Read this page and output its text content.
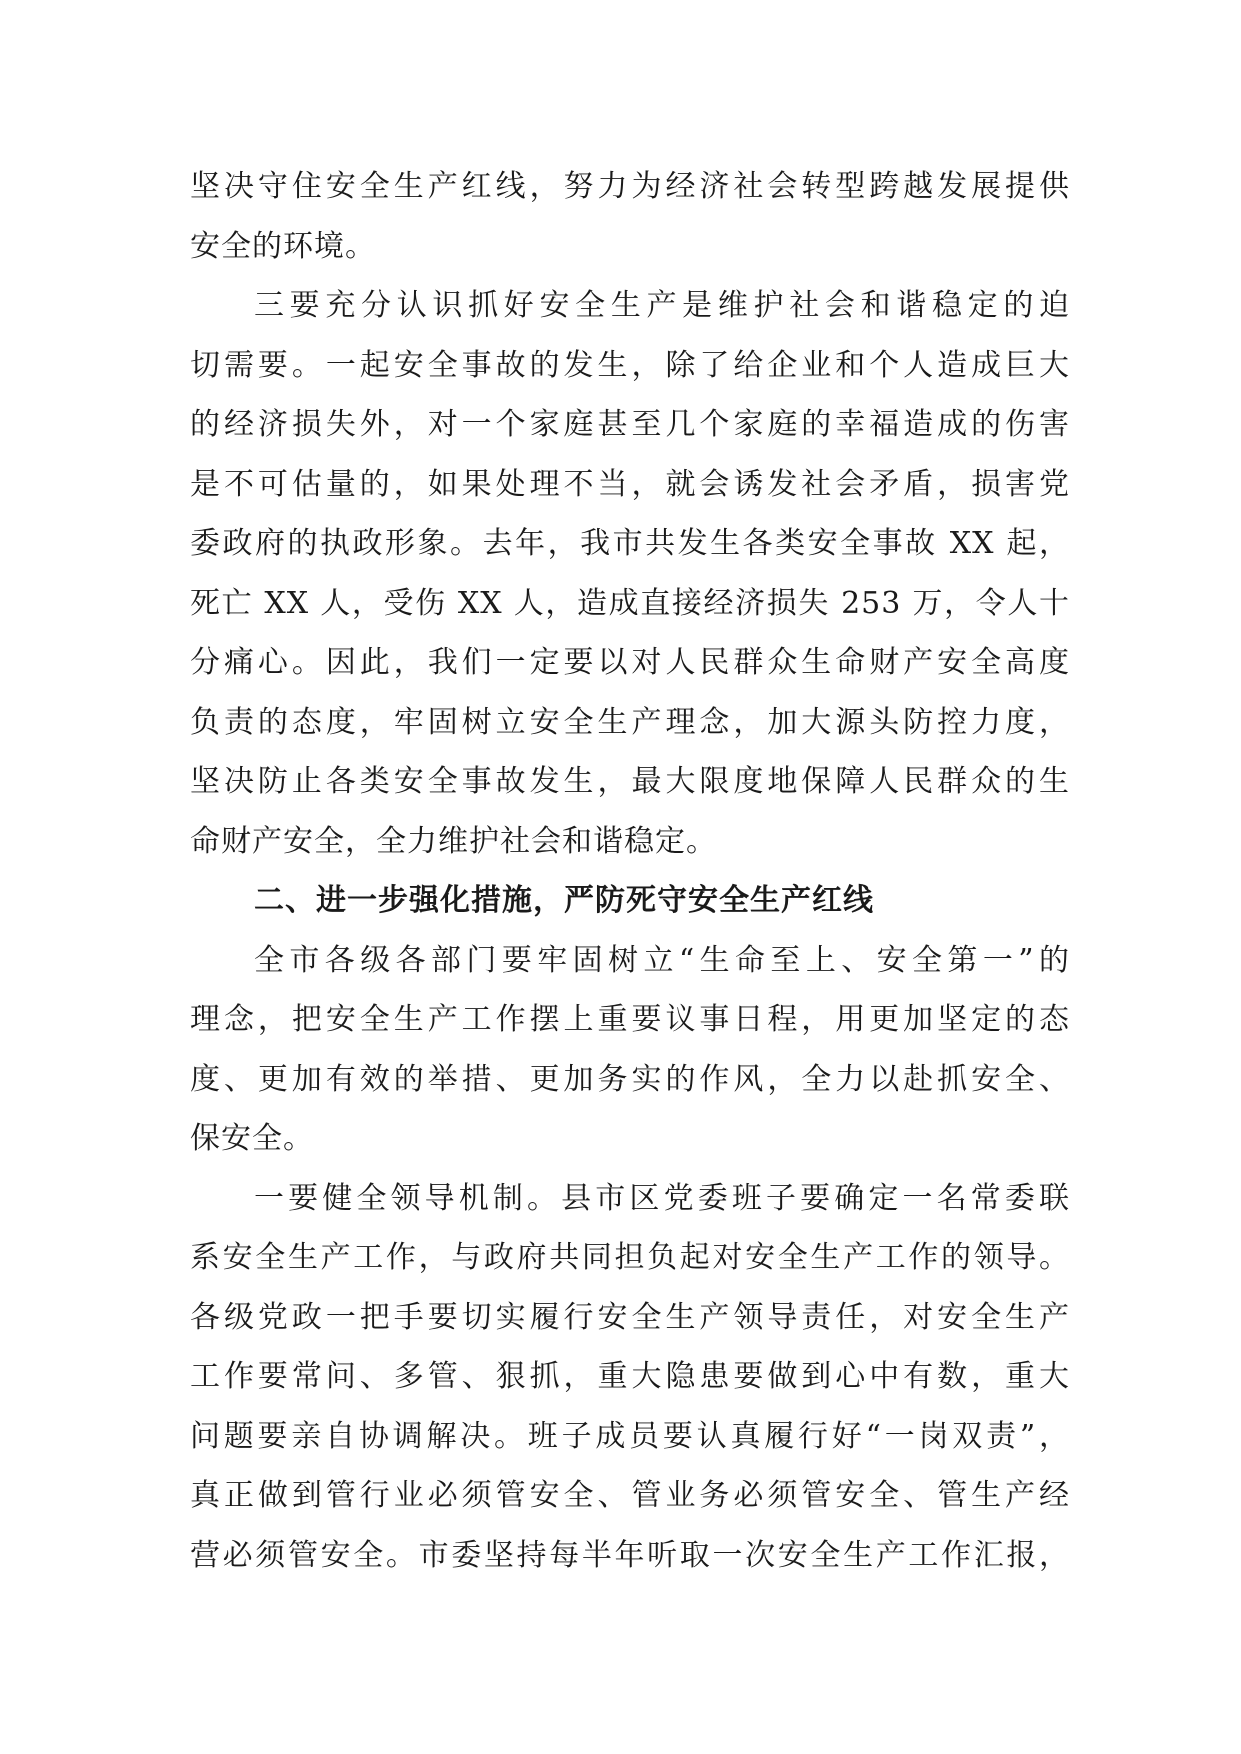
坚决守住安全生产红线，努力为经济社会转型跨越发展提供
安全的环境。
三要充分认识抓好安全生产是维护社会和谐稳定的迫
切需要。一起安全事故的发生，除了给企业和个人造成巨大
的经济损失外，对一个家庭甚至几个家庭的幸福造成的伤害
是不可估量的，如果处理不当，就会诱发社会矛盾，损害党
委政府的执政形象。去年，我市共发生各类安全事故 XX 起，
死亡 XX 人，受伤 XX 人，造成直接经济损失 253 万，令人十
分痛心。因此，我们一定要以对人民群众生命财产安全高度
负责的态度，牢固树立安全生产理念，加大源头防控力度，
坚决防止各类安全事故发生，最大限度地保障人民群众的生
命财产安全，全力维护社会和谐稳定。
二、进一步强化措施，严防死守安全生产红线
全市各级各部门要牢固树立“生命至上、安全第一”的
理念，把安全生产工作摆上重要议事日程，用更加坚定的态
度、更加有效的举措、更加务实的作风，全力以赴抓安全、
保安全。
一要健全领导机制。县市区党委班子要确定一名常委联
系安全生产工作，与政府共同担负起对安全生产工作的领导。
各级党政一把手要切实履行安全生产领导责任，对安全生产
工作要常问、多管、狠抓，重大隐患要做到心中有数，重大
问题要亲自协调解决。班子成员要认真履行好“一岗双责”，
真正做到管行业必须管安全、管业务必须管安全、管生产经
营必须管安全。市委坚持每半年听取一次安全生产工作汇报，
